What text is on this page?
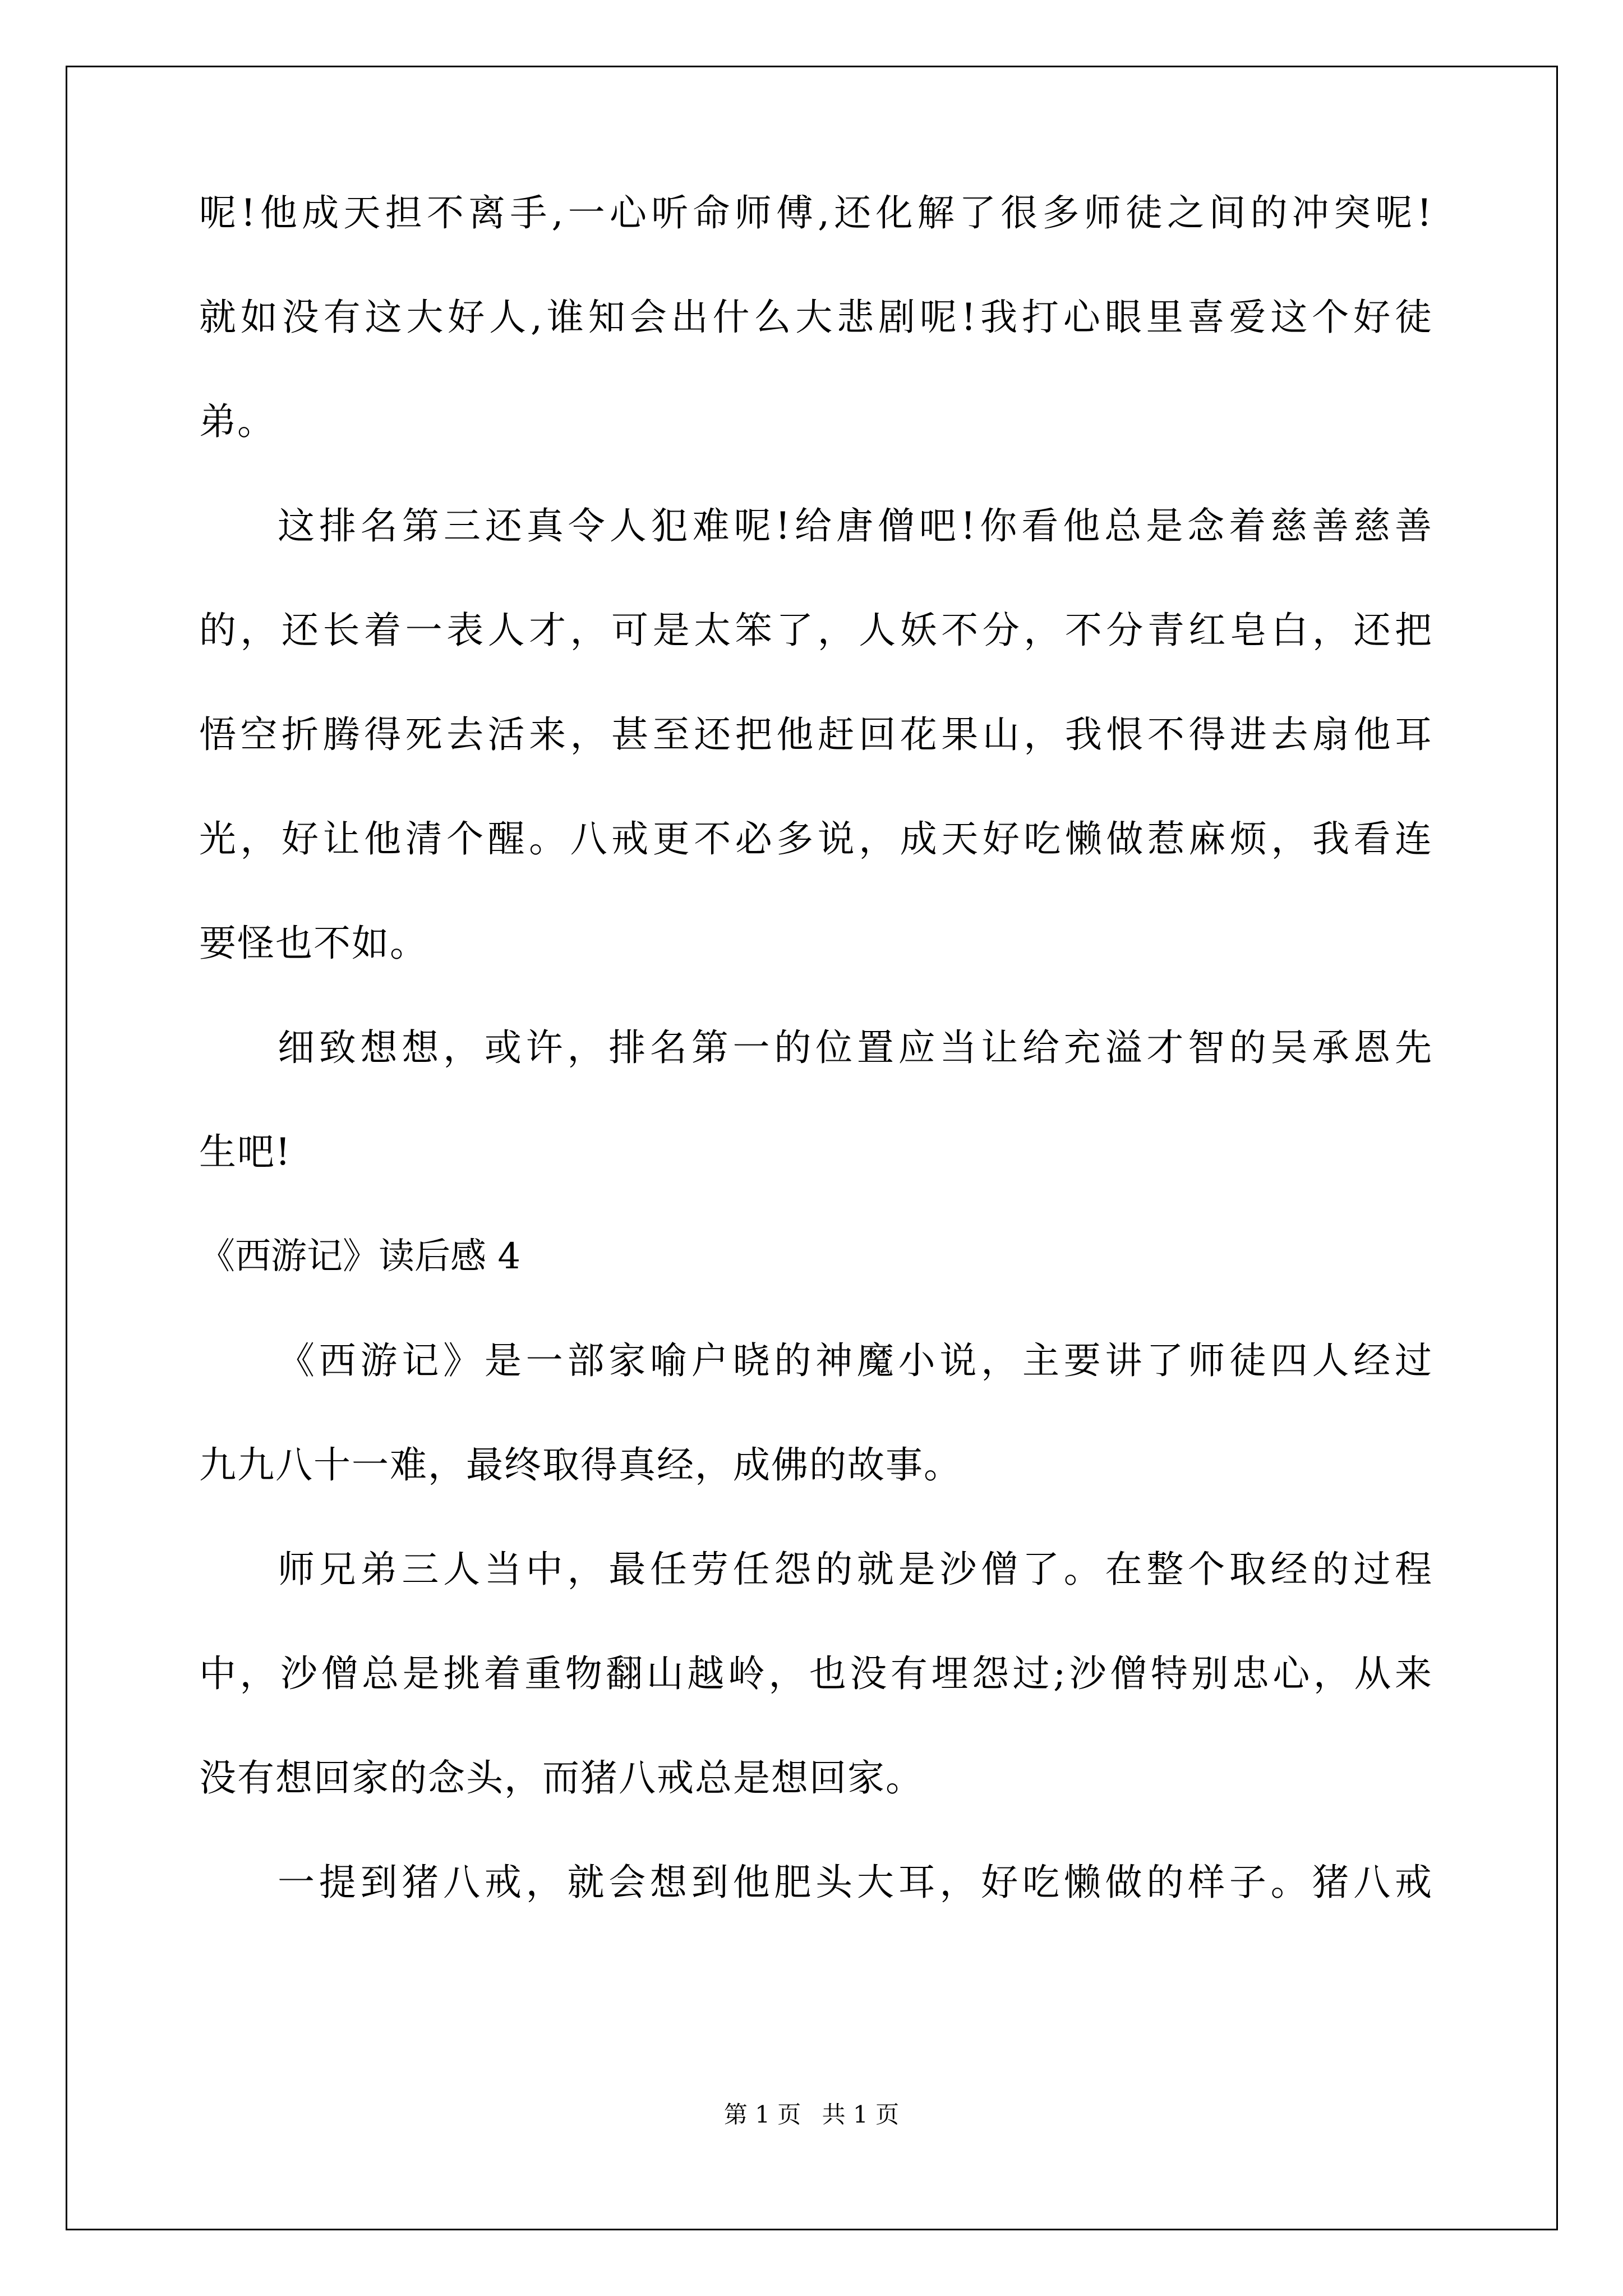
呢!他成天担不离手,一心听命师傅,还化解了很多师徒之间的冲突呢!
就如没有这大好人,谁知会出什么大悲剧呢!我打心眼里喜爱这个好徒
弟。
这排名第三还真令人犯难呢!给唐僧吧!你看他总是念着慈善慈善
的，还长着一表人才，可是太笨了，人妖不分，不分青红皂白，还把
悟空折腾得死去活来，甚至还把他赶回花果山，我恨不得进去扇他耳
光，好让他清个醒。八戒更不必多说，成天好吃懒做惹麻烦，我看连
要怪也不如。
细致想想，或许，排名第一的位置应当让给充溢才智的吴承恩先
生吧!
《西游记》读后感 4
《西游记》是一部家喻户晓的神魔小说，主要讲了师徒四人经过
九九八十一难，最终取得真经，成佛的故事。
师兄弟三人当中，最任劳任怨的就是沙僧了。在整个取经的过程
中，沙僧总是挑着重物翻山越岭，也没有埋怨过;沙僧特别忠心，从来
没有想回家的念头，而猪八戒总是想回家。
一提到猪八戒，就会想到他肥头大耳，好吃懒做的样子。猪八戒
第 1 页 共 1 页
